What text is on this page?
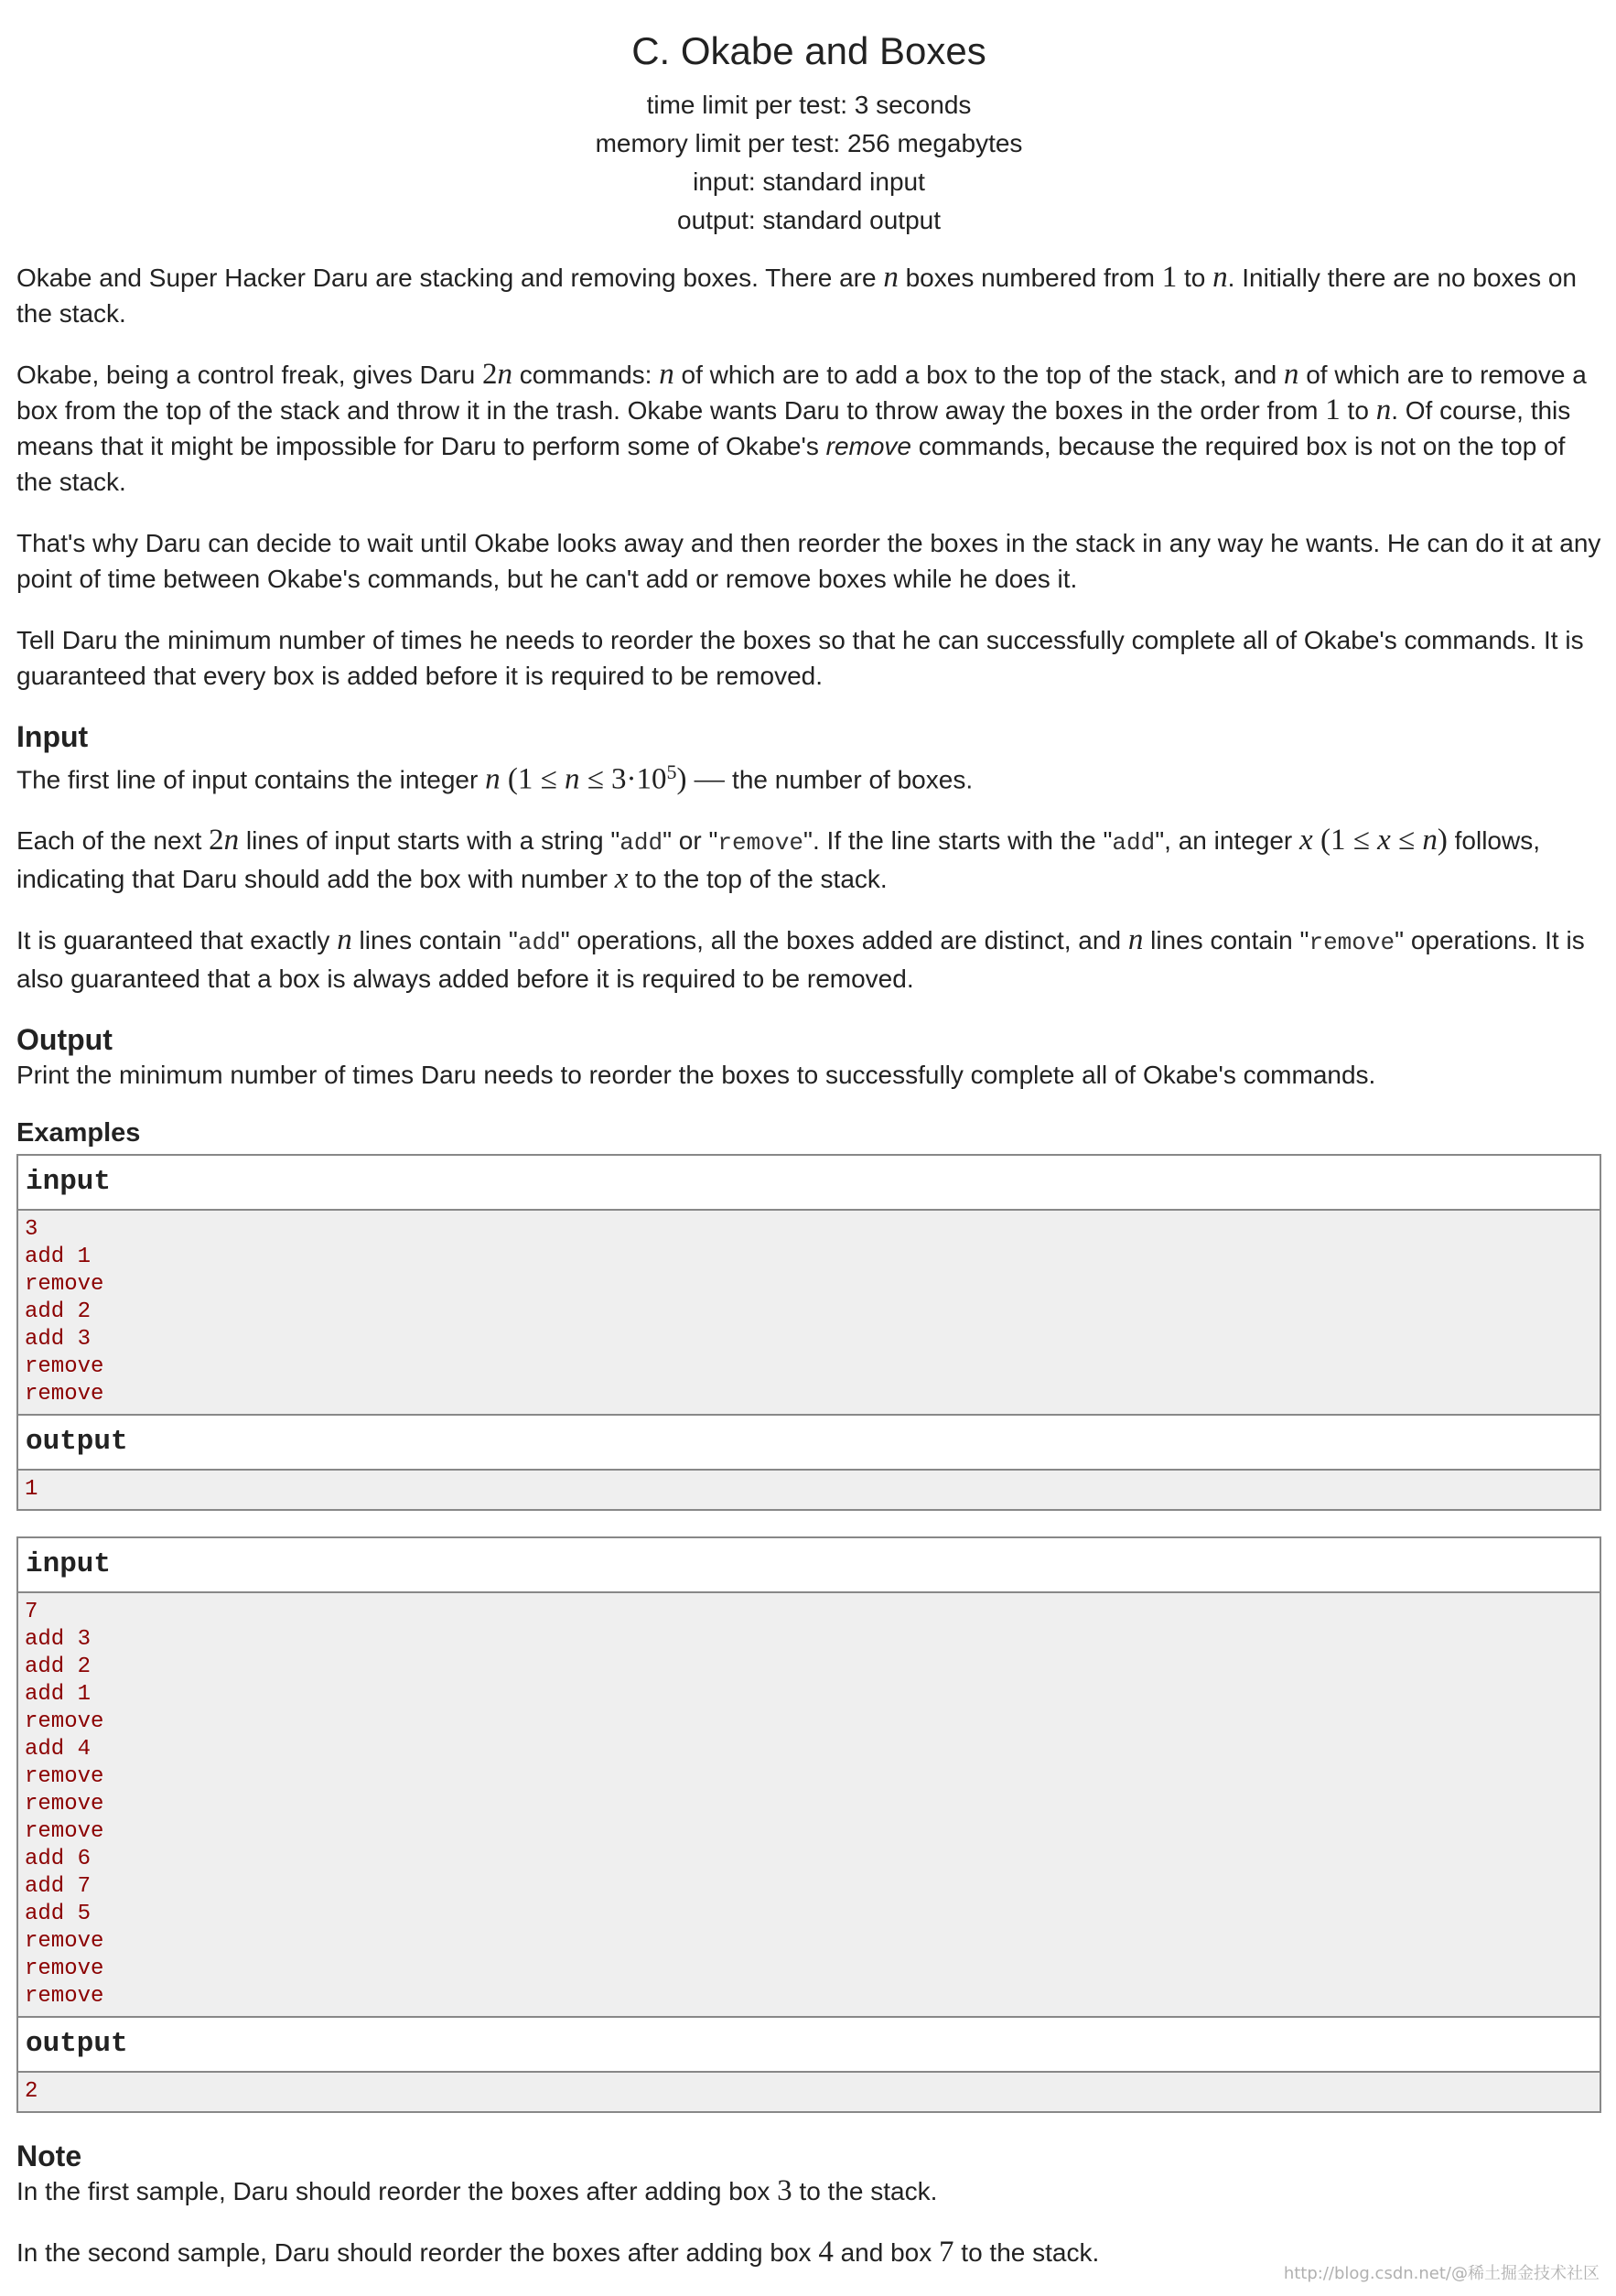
C. Okabe and Boxes
time limit per test: 3 seconds
memory limit per test: 256 megabytes
input: standard input
output: standard output

Okabe and Super Hacker Daru are stacking and removing boxes. There are n boxes numbered from 1 to n. Initially there are no boxes on the stack.

Okabe, being a control freak, gives Daru 2n commands: n of which are to add a box to the top of the stack, and n of which are to remove a box from the top of the stack and throw it in the trash. Okabe wants Daru to throw away the boxes in the order from 1 to n. Of course, this means that it might be impossible for Daru to perform some of Okabe's remove commands, because the required box is not on the top of the stack.

That's why Daru can decide to wait until Okabe looks away and then reorder the boxes in the stack in any way he wants. He can do it at any point of time between Okabe's commands, but he can't add or remove boxes while he does it.

Tell Daru the minimum number of times he needs to reorder the boxes so that he can successfully complete all of Okabe's commands. It is guaranteed that every box is added before it is required to be removed.

Input

The first line of input contains the integer n $(1 \le n \le 3\cdot 10^5)$ — the number of boxes.

Each of the next 2n lines of input starts with a string "add" or "remove". If the line starts with the "add", an integer x (1 ≤ x ≤ n) follows, indicating that Daru should add the box with number x to the top of the stack.

It is guaranteed that exactly n lines contain "add" operations, all the boxes added are distinct, and n lines contain "remove" operations. It is also guaranteed that a box is always added before it is required to be removed.

Output

Print the minimum number of times Daru needs to reorder the boxes to successfully complete all of Okabe's commands.

Examples
input
3
add 1
remove
add 2
add 3
remove
remove
output
1
input
7
add 3
add 2
add 1
remove
add 4
remove
remove
remove
add 6
add 7
add 5
remove
remove
remove
output
2
Note

In the first sample, Daru should reorder the boxes after adding box 3 to the stack.

In the second sample, Daru should reorder the boxes after adding box 4 and box 7 to the stack.

http://blog.csdn.net/@稀土掘金技术社区
